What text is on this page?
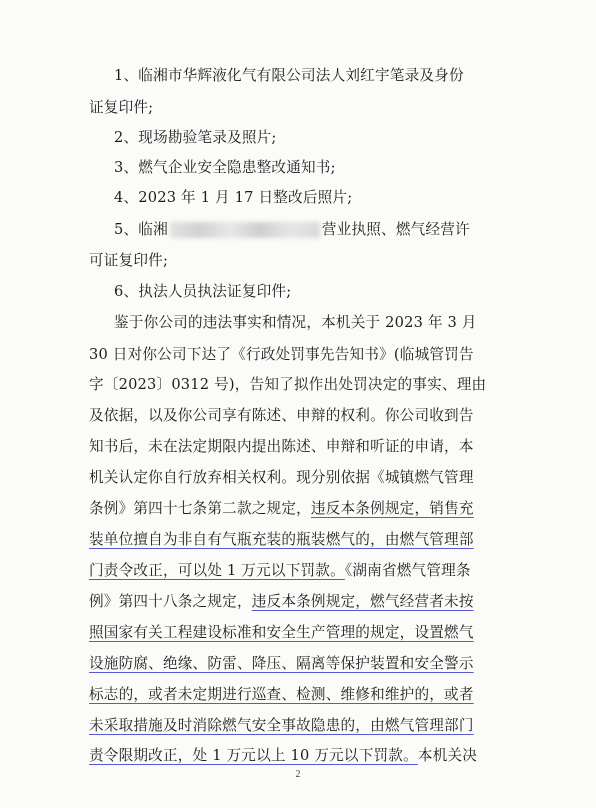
1、临湘市华辉液化气有限公司法人刘红宇笔录及身份
证复印件;
2、现场勘验笔录及照片;
3、燃气企业安全隐患整改通知书;
4、2023 年 1 月 17 日整改后照片;
5、临湘	营业执照、燃气经营许
可证复印件;
6、执法人员执法证复印件;
鉴于你公司的违法事实和情况，本机关于 2023 年 3 月
30 日对你公司下达了《行政处罚事先告知书》(临城管罚告
字〔2023〕0312 号)，告知了拟作出处罚决定的事实、理由
及依据，以及你公司享有陈述、申辩的权利。你公司收到告
知书后，未在法定期限内提出陈述、申辩和听证的申请，本
机关认定你自行放弃相关权利。现分别依据《城镇燃气管理
条例》第四十七条第二款之规定，违反本条例规定，销售充
装单位擅自为非自有气瓶充装的瓶装燃气的，由燃气管理部
门责令改正，可以处 1 万元以下罚款。《湖南省燃气管理条
例》第四十八条之规定，违反本条例规定，燃气经营者未按
照国家有关工程建设标准和安全生产管理的规定，设置燃气
设施防腐、绝缘、防雷、降压、隔离等保护装置和安全警示
标志的，或者未定期进行巡查、检测、维修和维护的，或者
未采取措施及时消除燃气安全事故隐患的，由燃气管理部门
责令限期改正，处 1 万元以上 10 万元以下罚款。本机关决
2
